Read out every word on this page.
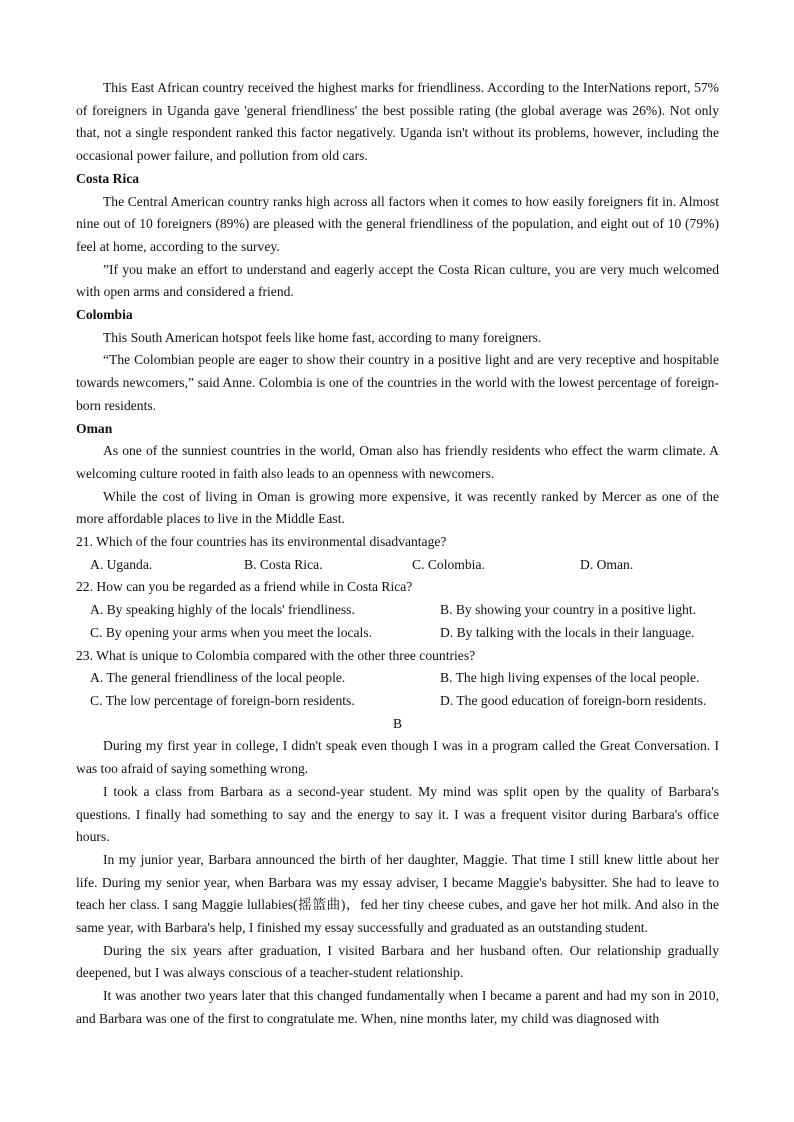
This East African country received the highest marks for friendliness. According to the InterNations report, 57% of foreigners in Uganda gave 'general friendliness' the best possible rating (the global average was 26%). Not only that, not a single respondent ranked this factor negatively. Uganda isn't without its problems, however, including the occasional power failure, and pollution from old cars.

Costa Rica

The Central American country ranks high across all factors when it comes to how easily foreigners fit in. Almost nine out of 10 foreigners (89%) are pleased with the general friendliness of the population, and eight out of 10 (79%) feel at home, according to the survey.

”If you make an effort to understand and eagerly accept the Costa Rican culture, you are very much welcomed with open arms and considered a friend.

Colombia

This South American hotspot feels like home fast, according to many foreigners.

“The Colombian people are eager to show their country in a positive light and are very receptive and hospitable towards newcomers,” said Anne. Colombia is one of the countries in the world with the lowest percentage of foreign-born residents.

Oman

As one of the sunniest countries in the world, Oman also has friendly residents who effect the warm climate. A welcoming culture rooted in faith also leads to an openness with newcomers.

While the cost of living in Oman is growing more expensive, it was recently ranked by Mercer as one of the more affordable places to live in the Middle East.

21. Which of the four countries has its environmental disadvantage?

A. Uganda.	B. Costa Rica.	C. Colombia.	D. Oman.

22. How can you be regarded as a friend while in Costa Rica?

A. By speaking highly of the locals' friendliness.	B. By showing your country in a positive light.
C. By opening your arms when you meet the locals.	D. By talking with the locals in their language.

23. What is unique to Colombia compared with the other three countries?

A. The general friendliness of the local people.	B. The high living expenses of the local people.
C. The low percentage of foreign-born residents.	D. The good education of foreign-born residents.

B

During my first year in college, I didn't speak even though I was in a program called the Great Conversation. I was too afraid of saying something wrong.

I took a class from Barbara as a second-year student. My mind was split open by the quality of Barbara's questions. I finally had something to say and the energy to say it. I was a frequent visitor during Barbara's office hours.

In my junior year, Barbara announced the birth of her daughter, Maggie. That time I still knew little about her life. During my senior year, when Barbara was my essay adviser, I became Maggie's babysitter. She had to leave to teach her class. I sang Maggie lullabies(摇篮曲)，fed her tiny cheese cubes, and gave her hot milk. And also in the same year, with Barbara's help, I finished my essay successfully and graduated as an outstanding student.

During the six years after graduation, I visited Barbara and her husband often. Our relationship gradually deepened, but I was always conscious of a teacher-student relationship.

It was another two years later that this changed fundamentally when I became a parent and had my son in 2010, and Barbara was one of the first to congratulate me. When, nine months later, my child was diagnosed with
